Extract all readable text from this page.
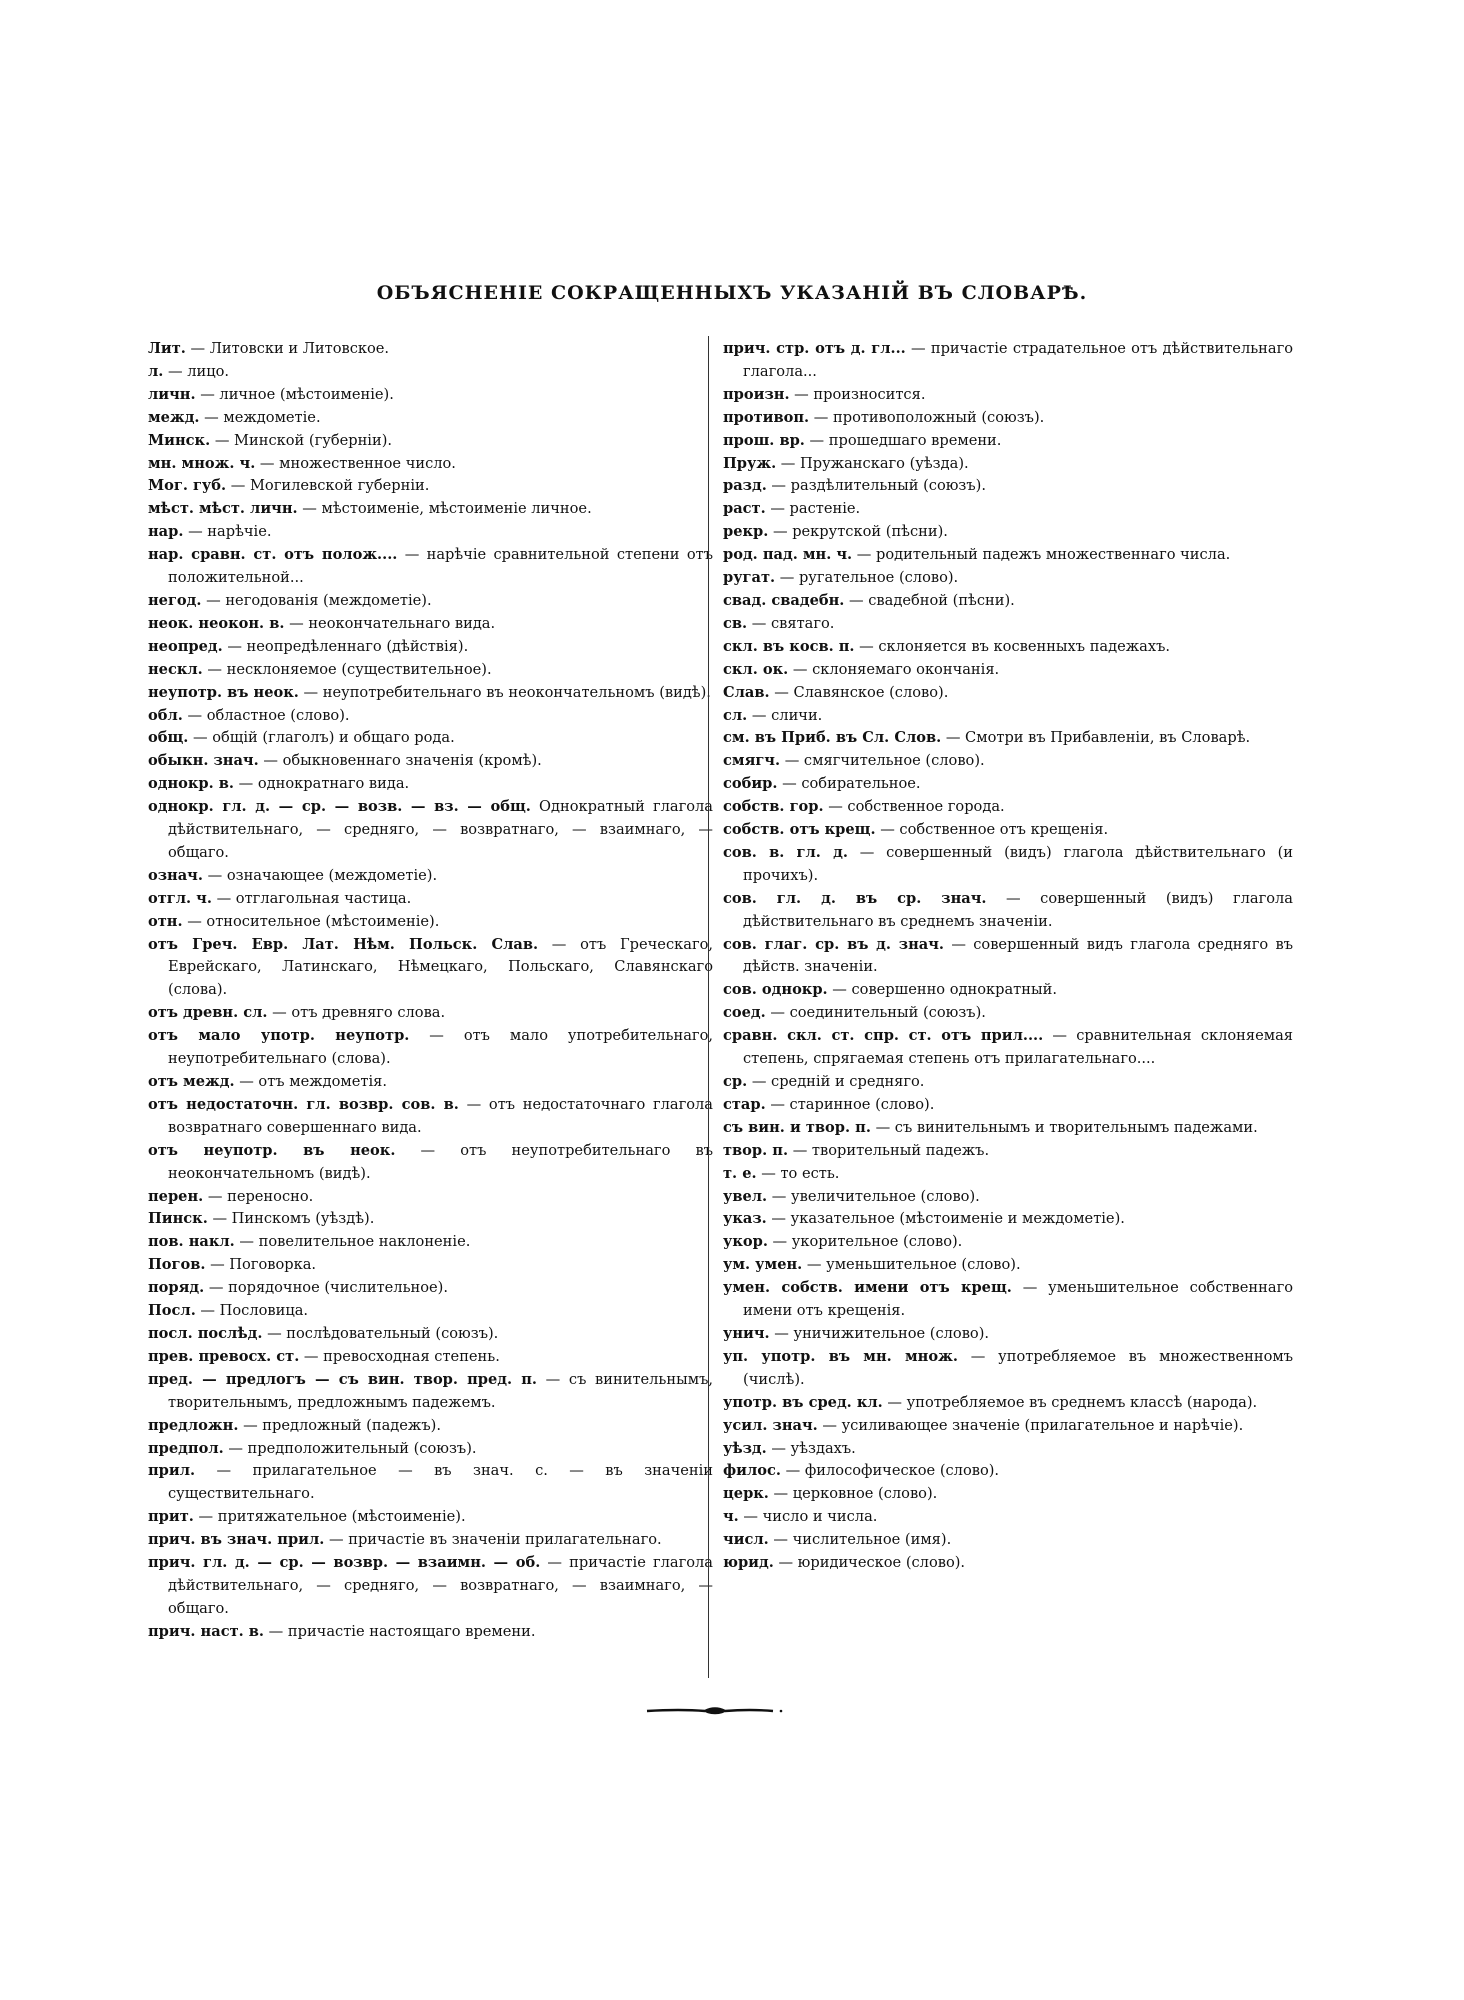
ОБЪЯСНЕНІЕ СОКРАЩЕННЫХЪ УКАЗАНІЙ ВЪ СЛОВАРѢ.
Лит. — Литовски и Литовское.
л. — лицо.
личн. — личное (мѣстоименіе).
межд. — междометіе.
Минск. — Минской (губерніи).
мн. множ. ч. — множественное число.
Мог. губ. — Могилевской губерніи.
мѣст. мѣст. личн. — мѣстоименіе, мѣстоименіе личное.
нар. — нарѣчіе.
нар. сравн. ст. отъ полож.... — нарѣчіе сравнительной степени отъ положительной...
негод. — негодованія (междометіе).
неок. неокон. в. — неокончательнаго вида.
неопред. — неопредѣленнаго (дѣйствія).
нескл. — несклоняемое (существительное).
неупотр. въ неок. — неупотребительнаго въ неокончательномъ (видѣ).
обл. — областное (слово).
общ. — общій (глаголъ) и общаго рода.
обыкн. знач. — обыкновеннаго значенія (кромѣ).
однокр. в. — однократнаго вида.
однокр. гл. д. — ср. — возв. — вз. — общ. Однократный глагола дѣйствительнаго, — средняго, — возвратнаго, — взаимнаго, — общаго.
означ. — означающее (междометіе).
отгл. ч. — отглагольная частица.
отн. — относительное (мѣстоименіе).
отъ Греч. Евр. Лат. Нѣм. Польск. Слав. — отъ Греческаго, Еврейскаго, Латинскаго, Нѣмецкаго, Польскаго, Славянскаго (слова).
отъ древн. сл. — отъ древняго слова.
отъ мало употр. неупотр. — отъ мало употребительнаго, неупотребительнаго (слова).
отъ межд. — отъ междометія.
отъ недостаточн. гл. возвр. сов. в. — отъ недостаточнаго глагола возвратнаго совершеннаго вида.
отъ неупотр. въ неок. — отъ неупотребительнаго въ неокончательномъ (видѣ).
перен. — переносно.
Пинск. — Пинскомъ (уѣздѣ).
пов. накл. — повелительное наклоненіе.
Погов. — Поговорка.
поряд. — порядочное (числительное).
Посл. — Пословица.
посл. послѣд. — послѣдовательный (союзъ).
прев. превосх. ст. — превосходная степень.
пред. — предлогъ — съ вин. твор. пред. п. — съ винительнымъ, творительнымъ, предложнымъ падежемъ.
предложн. — предложный (падежъ).
предпол. — предположительный (союзъ).
прил. — прилагательное — въ знач. с. — въ значеніи существительнаго.
прит. — притяжательное (мѣстоименіе).
прич. въ знач. прил. — причастіе въ значеніи прилагательнаго.
прич. гл. д. — ср. — возвр. — взаимн. — об. — причастіе глагола дѣйствительнаго, — средняго, — возвратнаго, — взаимнаго, — общаго.
прич. наст. в. — причастіе настоящаго времени.
прич. стр. отъ д. гл... — причастіе страдательное отъ дѣйствительнаго глагола...
произн. — произносится.
противоп. — противоположный (союзъ).
прош. вр. — прошедшаго времени.
Пруж. — Пружанскаго (уѣзда).
разд. — раздѣлительный (союзъ).
раст. — растеніе.
рекр. — рекрутской (пѣсни).
род. пад. мн. ч. — родительный падежъ множественнаго числа.
ругат. — ругательное (слово).
свад. свадебн. — свадебной (пѣсни).
св. — святаго.
скл. въ косв. п. — склоняется въ косвенныхъ падежахъ.
скл. ок. — склоняемаго окончанія.
Слав. — Славянское (слово).
сл. — сличи.
см. въ Приб. въ Сл. Слов. — Смотри въ Прибавленіи, въ Словарѣ.
смягч. — смягчительное (слово).
собир. — собирательное.
собств. гор. — собственное города.
собств. отъ крещ. — собственное отъ крещенія.
сов. в. гл. д. — совершенный (видъ) глагола дѣйствительнаго (и прочихъ).
сов. гл. д. въ ср. знач. — совершенный (видъ) глагола дѣйствительнаго въ среднемъ значеніи.
сов. глаг. ср. въ д. знач. — совершенный видъ глагола средняго въ дѣйств. значеніи.
сов. однокр. — совершенно однократный.
соед. — соединительный (союзъ).
сравн. скл. ст. спр. ст. отъ прил.... — сравнительная склоняемая степень, спрягаемая степень отъ прилагательнаго....
ср. — средній и средняго.
стар. — старинное (слово).
съ вин. и твор. п. — съ винительнымъ и творительнымъ падежами.
твор. п. — творительный падежъ.
т. е. — то есть.
увел. — увеличительное (слово).
указ. — указательное (мѣстоименіе и междометіе).
укор. — укорительное (слово).
ум. умен. — уменьшительное (слово).
умен. собств. имени отъ крещ. — уменьшительное собственнаго имени отъ крещенія.
унич. — уничижительное (слово).
уп. употр. въ мн. множ. — употребляемое въ множественномъ (числѣ).
употр. въ сред. кл. — употребляемое въ среднемъ классѣ (народа).
усил. знач. — усиливающее значеніе (прилагательное и нарѣчіе).
уѣзд. — уѣздахъ.
филос. — философическое (слово).
церк. — церковное (слово).
ч. — число и числа.
числ. — числительное (имя).
юрид. — юридическое (слово).
